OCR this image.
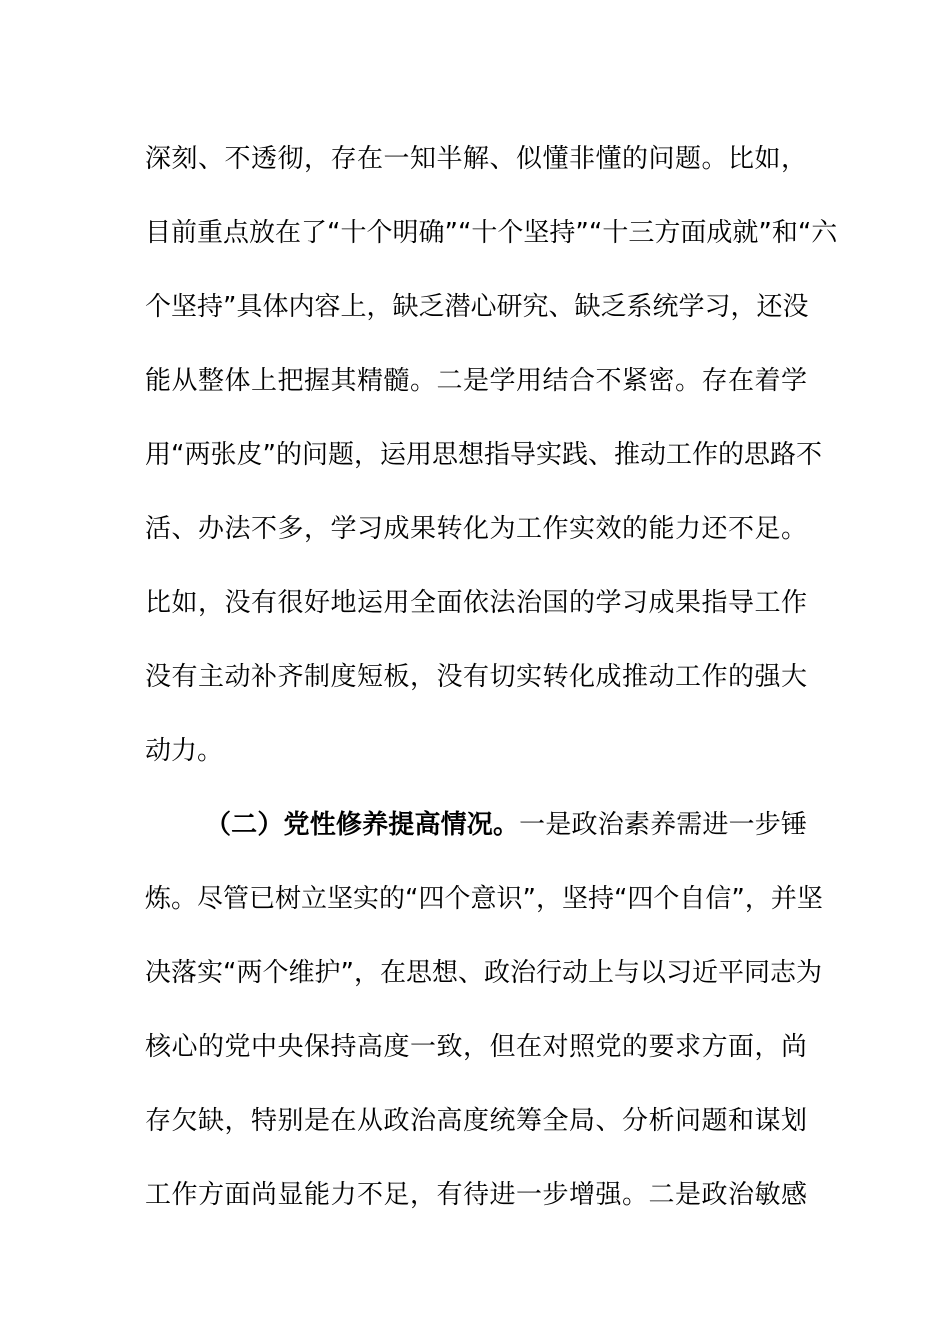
深刻、不透彻，存在一知半解、似懂非懂的问题。比如，
目前重点放在了“十个明确”“十个坚持”“十三方面成就”和“六
个坚持”具体内容上，缺乏潜心研究、缺乏系统学习，还没
能从整体上把握其精髓。二是学用结合不紧密。存在着学
用“两张皮”的问题，运用思想指导实践、推动工作的思路不
活、办法不多，学习成果转化为工作实效的能力还不足。
比如，没有很好地运用全面依法治国的学习成果指导工作
没有主动补齐制度短板，没有切实转化成推动工作的强大
动力。
（二）党性修养提高情况。一是政治素养需进一步锤
炼。尽管已树立坚实的“四个意识”，坚持“四个自信”，并坚
决落实“两个维护”，在思想、政治行动上与以习近平同志为
核心的党中央保持高度一致，但在对照党的要求方面，尚
存欠缺，特别是在从政治高度统筹全局、分析问题和谋划
工作方面尚显能力不足，有待进一步增强。二是政治敏感
